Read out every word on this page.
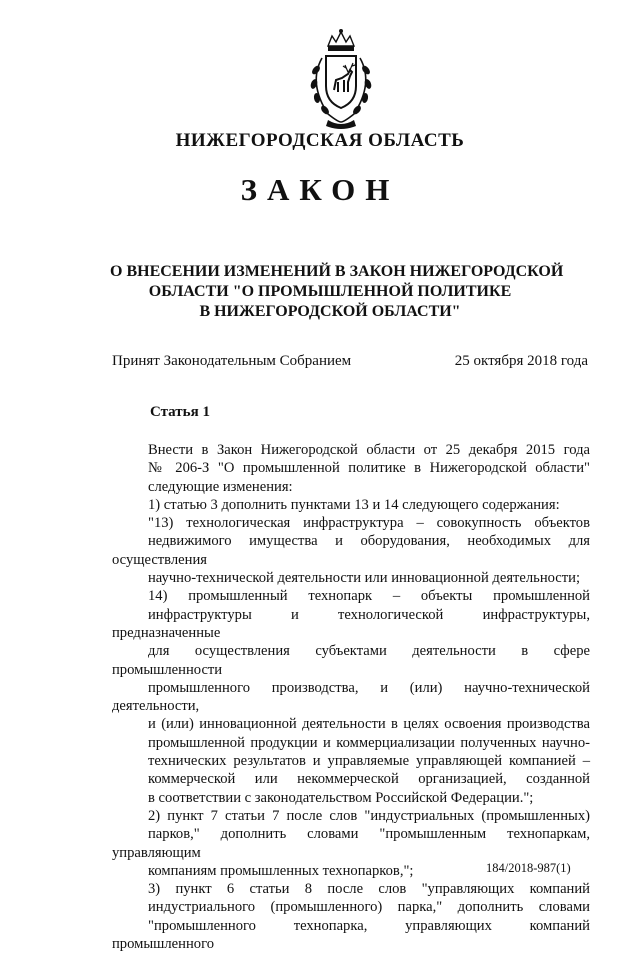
НИЖЕГОРОДСКАЯ ОБЛАСТЬ
ЗАКОН
О ВНЕСЕНИИ ИЗМЕНЕНИЙ В ЗАКОН НИЖЕГОРОДСКОЙ
ОБЛАСТИ "О ПРОМЫШЛЕННОЙ ПОЛИТИКЕ
В НИЖЕГОРОДСКОЙ ОБЛАСТИ"
Принят Законодательным Собранием	25 октября 2018 года
Статья 1

Внести в Закон Нижегородской области от 25 декабря 2015 года
№ 206-З "О промышленной политике в Нижегородской области"
следующие изменения:

1) статью 3 дополнить пунктами 13 и 14 следующего содержания:

"13) технологическая инфраструктура – совокупность объектов
недвижимого имущества и оборудования, необходимых для осуществления
научно-технической деятельности или инновационной деятельности;

14) промышленный технопарк – объекты промышленной
инфраструктуры и технологической инфраструктуры, предназначенные
для осуществления субъектами деятельности в сфере промышленности
промышленного производства, и (или) научно-технической деятельности,
и (или) инновационной деятельности в целях освоения производства
промышленной продукции и коммерциализации полученных научно-
технических результатов и управляемые управляющей компанией –
коммерческой или некоммерческой организацией, созданной
в соответствии с законодательством Российской Федерации.";

2) пункт 7 статьи 7 после слов "индустриальных (промышленных)
парков," дополнить словами "промышленным технопаркам, управляющим
компаниям промышленных технопарков,";

3) пункт 6 статьи 8 после слов "управляющих компаний
индустриального (промышленного) парка," дополнить словами
"промышленного технопарка, управляющих компаний промышленного

184/2018-987(1)
